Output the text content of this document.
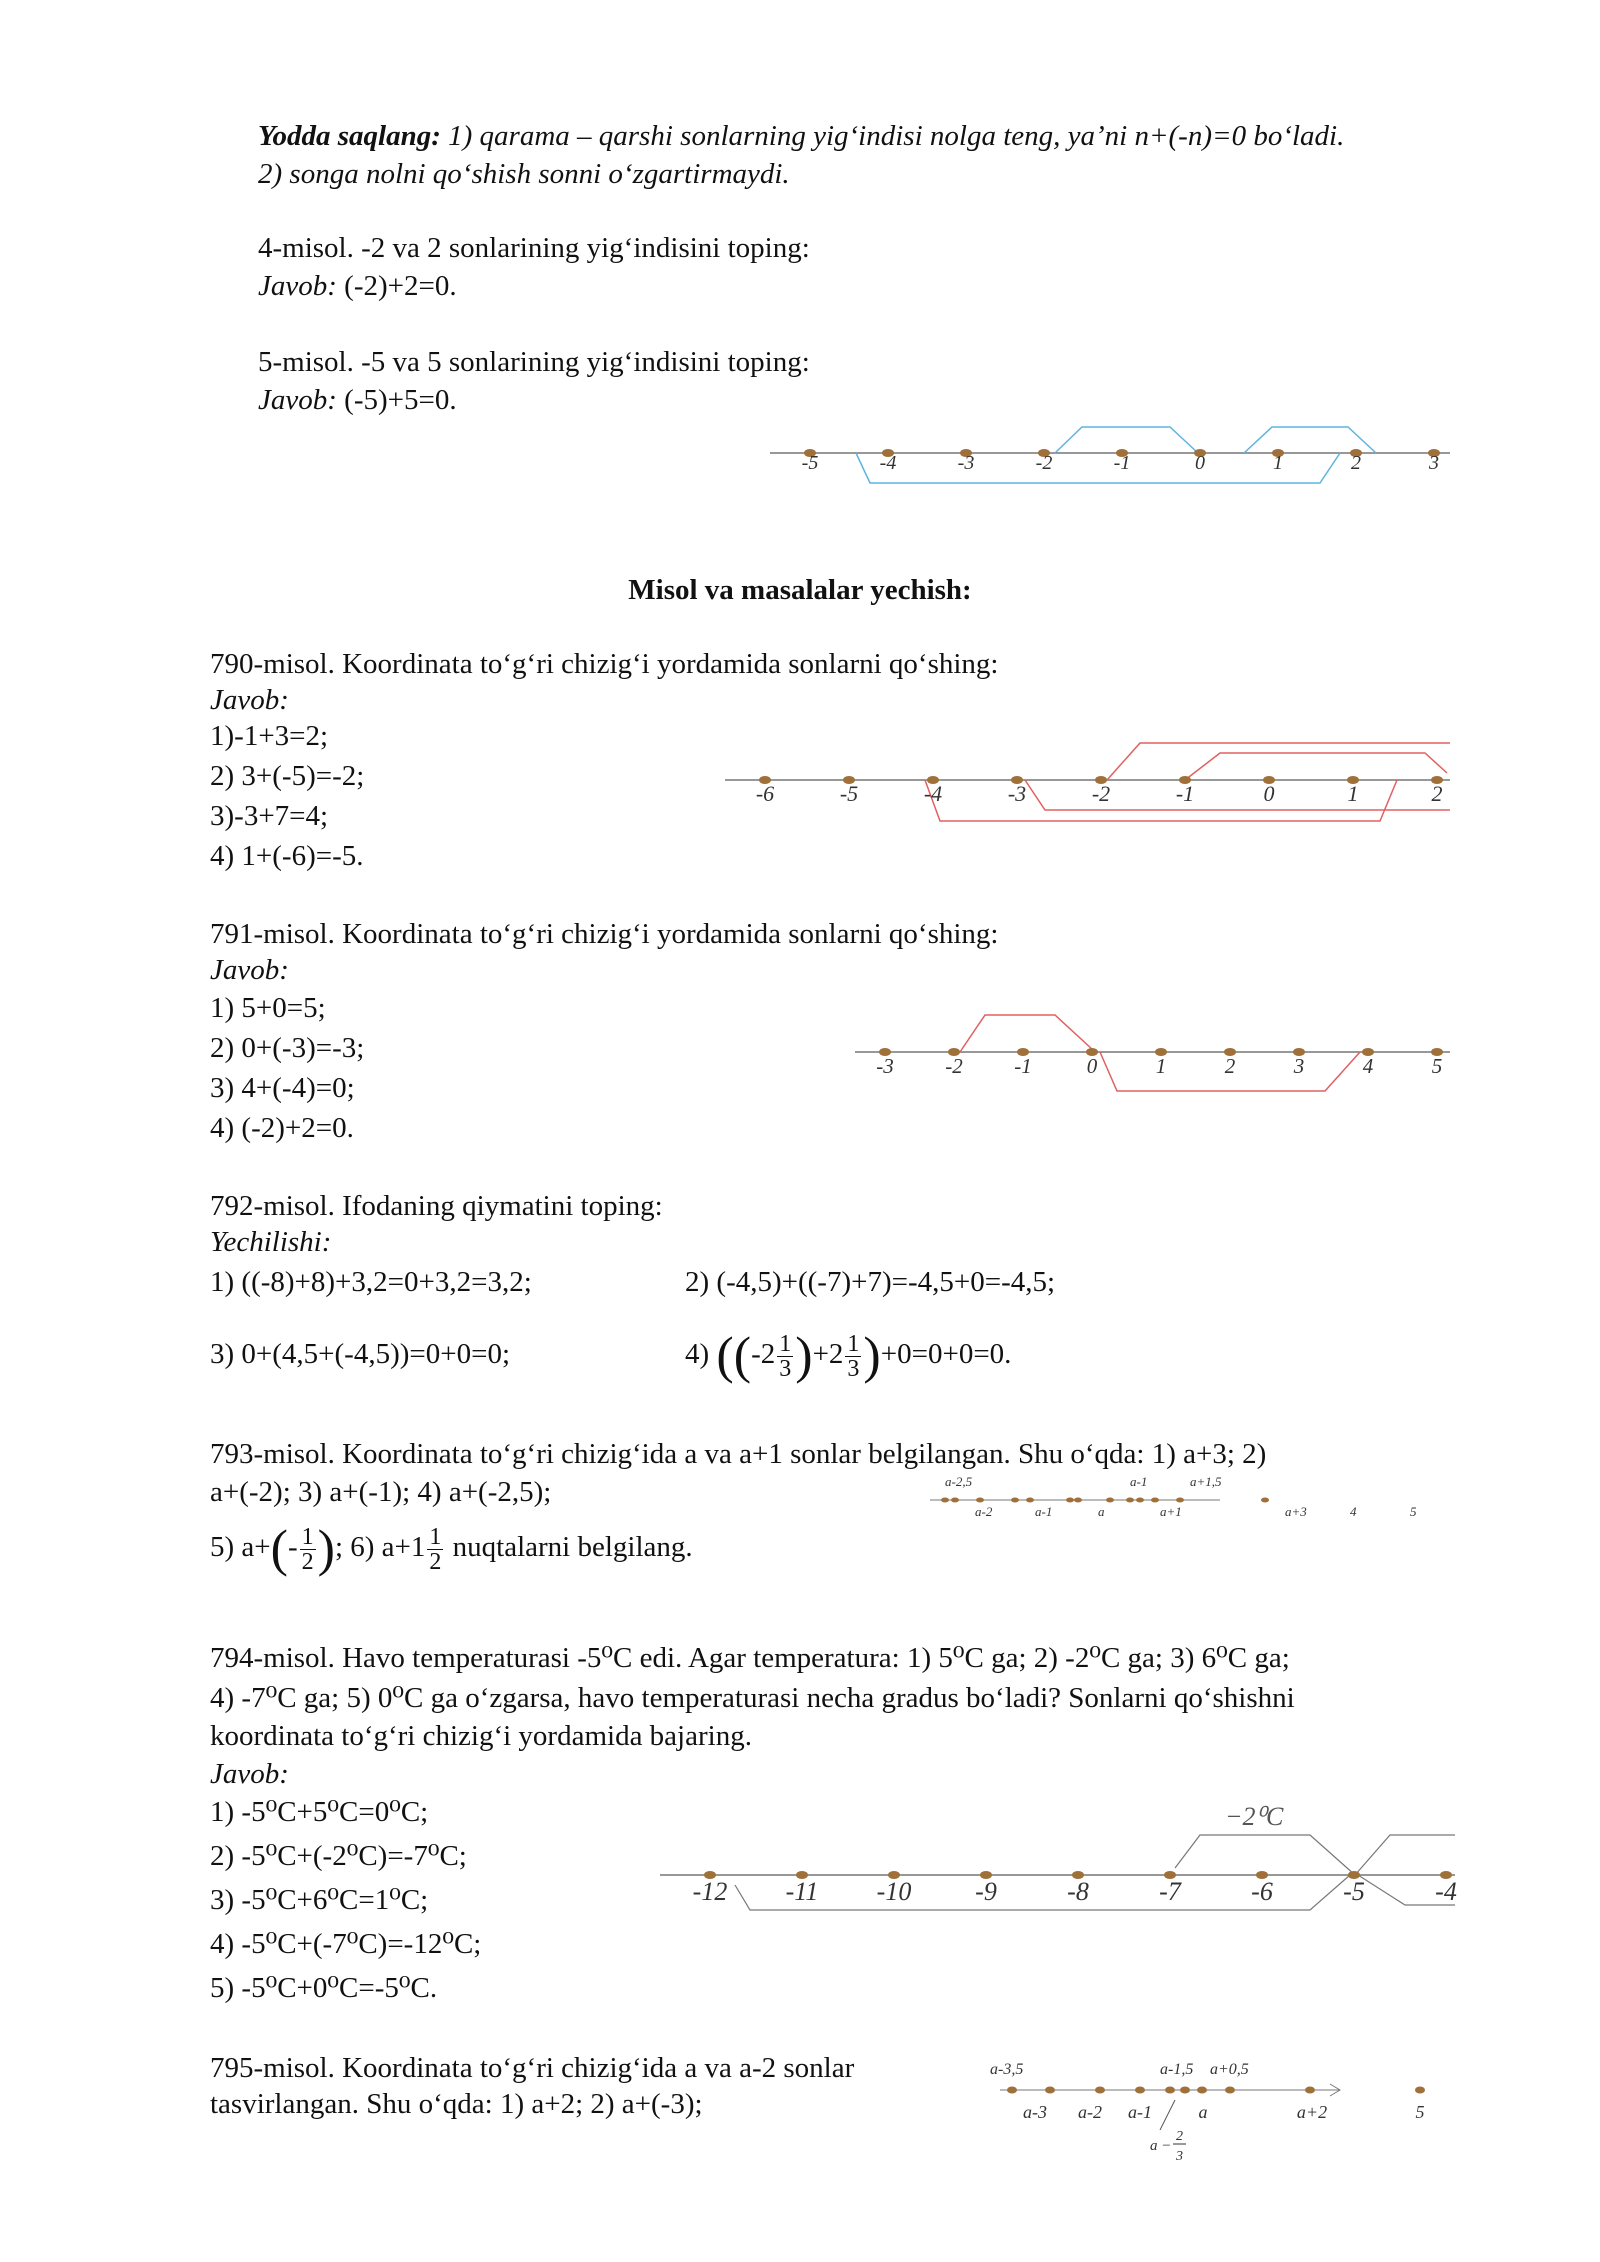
Yodda saqlang: 1) qarama – qarshi sonlarning yig‘indisi nolga teng, ya’ni n+(-n)=0 bo‘ladi.
2) songa nolni qo‘shish sonni o‘zgartirmaydi.
4-misol. -2 va 2 sonlarining yig‘indisini toping:
Javob: (-2)+2=0.
5-misol. -5 va 5 sonlarining yig‘indisini toping:
Javob: (-5)+5=0.
-5	-4	-3	-2	-1	0	1	2	3
Misol va masalalar yechish:
790-misol. Koordinata to‘g‘ri chizig‘i yordamida sonlarni qo‘shing:
Javob:
1)-1+3=2;
2) 3+(-5)=-2;
3)-3+7=4;
4) 1+(-6)=-5.
-6	-5	-4	-3	-2	-1	0	1	2
791-misol. Koordinata to‘g‘ri chizig‘i yordamida sonlarni qo‘shing:
Javob:
1) 5+0=5;
2) 0+(-3)=-3;
3) 4+(-4)=0;
4) (-2)+2=0.
-3 -2 -1	0	1	2	3	4	5
792-misol. Ifodaning qiymatini toping:
Yechilishi:
1) ((-8)+8)+3,2=0+3,2=3,2;	2) (-4,5)+((-7)+7)=-4,5+0=-4,5;
3) 0+(4,5+(-4,5))=0+0=0;	4) $((-2 \frac{1}{3} )+2 \frac{1}{3} )+0=0+0=0$.
793-misol. Koordinata to‘g‘ri chizig‘ida a va a+1 sonlar belgilangan. Shu o‘qda: 1) a+3; 2)
a+(-2); 3) a+(-1); 4) a+(-2,5);
5) $a+(- \frac{1}{2}$ ); 6) $a+1 \frac{1}{2}$ nuqtalarni belgilang.
a-2,5	a-1	a+1,5
a-2	a-1	a	a+1	a+3	4	5
794-misol. Havo temperaturasi -5⁰C edi. Agar temperatura: 1) 5⁰C ga; 2) -2⁰C ga; 3) 6⁰C ga;
4) -7⁰C ga; 5) 0⁰C ga o‘zgarsa, havo temperaturasi necha gradus bo‘ladi? Sonlarni qo‘shishni
koordinata to‘g‘ri chizig‘i yordamida bajaring.
Javob:
1) -5⁰C+5⁰C=0⁰C;
2) -5⁰C+(-2⁰C)=-7⁰C;
3) -5⁰C+6⁰C=1⁰C;
4) -5⁰C+(-7⁰C)=-12⁰C;
5) -5⁰C+0⁰C=-5⁰C.
−2⁰C
-12 -11 -10 -9	-8	-7	-6	-5	-4
795-misol. Koordinata to‘g‘ri chizig‘ida a va a-2 sonlar
tasvirlangan. Shu o‘qda: 1) a+2; 2) a+(-3);
a-3,5	a-1,5 a+0,5
a-3 a-2 a-1	a	a+2	5
a −
2
3
